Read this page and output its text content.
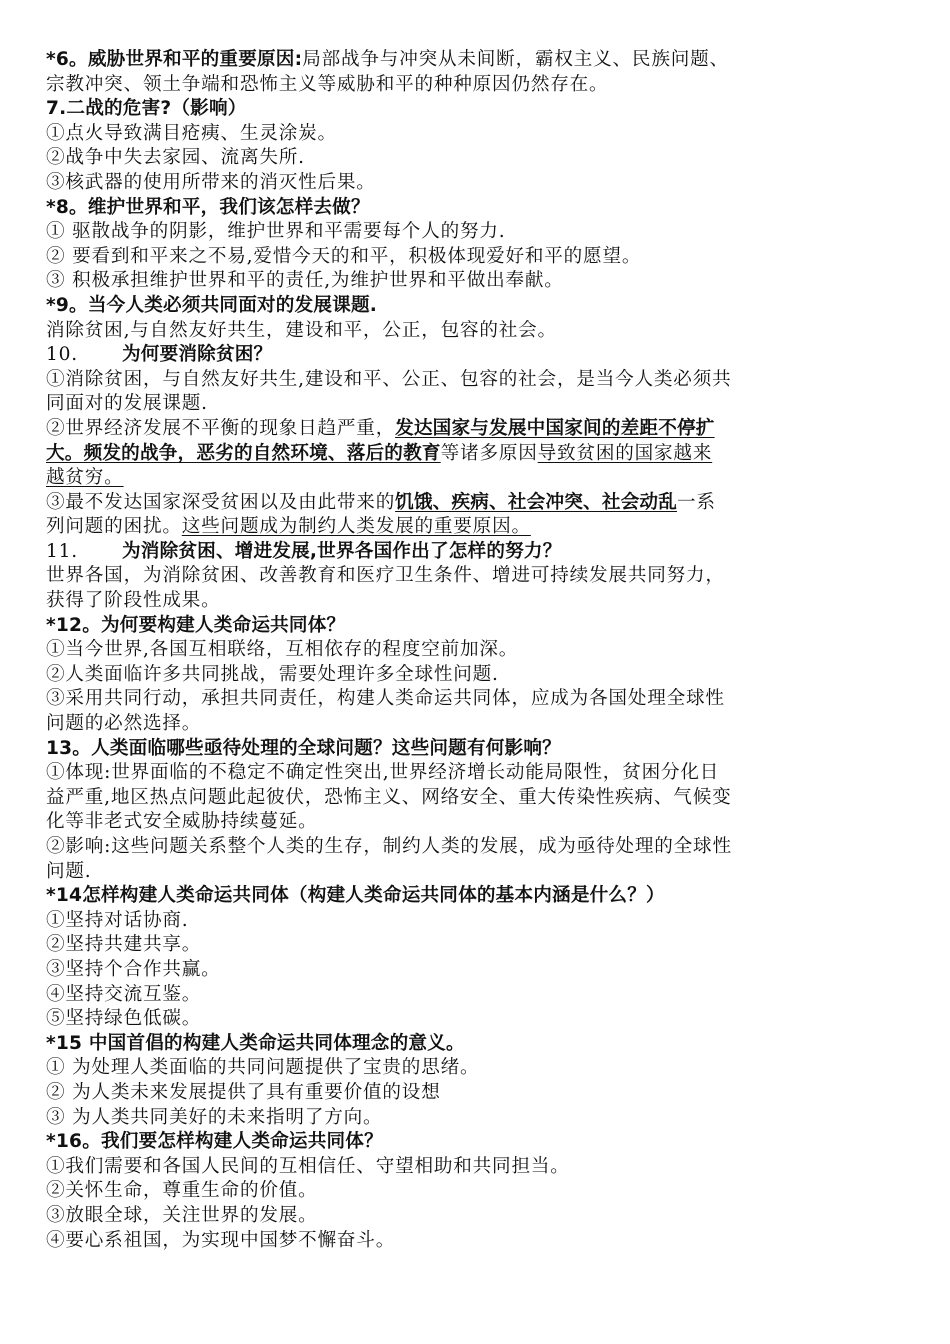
*6。威胁世界和平的重要原因:局部战争与冲突从未间断，霸权主义、民族问题、
宗教冲突、领土争端和恐怖主义等威胁和平的种种原因仍然存在。
7.二战的危害?（影响）
①点火导致满目疮痍、生灵涂炭。
②战争中失去家园、流离失所.
③核武器的使用所带来的消灭性后果。
*8。维护世界和平，我们该怎样去做？
① 驱散战争的阴影，维护世界和平需要每个人的努力.
② 要看到和平来之不易,爱惜今天的和平，积极体现爱好和平的愿望。
③ 积极承担维护世界和平的责任,为维护世界和平做出奉献。
*9。当今人类必须共同面对的发展课题.
消除贫困,与自然友好共生，建设和平，公正，包容的社会。
10. 为何要消除贫困？
①消除贫困，与自然友好共生,建设和平、公正、包容的社会，是当今人类必须共
同面对的发展课题.
②世界经济发展不平衡的现象日趋严重，发达国家与发展中国家间的差距不停扩
大。频发的战争，恶劣的自然环境、落后的教育等诸多原因导致贫困的国家越来
越贫穷。
③最不发达国家深受贫困以及由此带来的饥饿、疾病、社会冲突、社会动乱一系
列问题的困扰。这些问题成为制约人类发展的重要原因。
11. 为消除贫困、增进发展,世界各国作出了怎样的努力？
世界各国，为消除贫困、改善教育和医疗卫生条件、增进可持续发展共同努力，
获得了阶段性成果。
*12。为何要构建人类命运共同体？
①当今世界,各国互相联络，互相依存的程度空前加深。
②人类面临许多共同挑战，需要处理许多全球性问题.
③采用共同行动，承担共同责任，构建人类命运共同体，应成为各国处理全球性
问题的必然选择。
13。人类面临哪些亟待处理的全球问题？这些问题有何影响？
①体现:世界面临的不稳定不确定性突出,世界经济增长动能局限性，贫困分化日
益严重,地区热点问题此起彼伏，恐怖主义、网络安全、重大传染性疾病、气候变
化等非老式安全威胁持续蔓延。
②影响:这些问题关系整个人类的生存，制约人类的发展，成为亟待处理的全球性
问题.
*14怎样构建人类命运共同体（构建人类命运共同体的基本内涵是什么？）
①坚持对话协商.
②坚持共建共享。
③坚持个合作共赢。
④坚持交流互鉴。
⑤坚持绿色低碳。
*15 中国首倡的构建人类命运共同体理念的意义。
① 为处理人类面临的共同问题提供了宝贵的思绪。
② 为人类未来发展提供了具有重要价值的设想
③ 为人类共同美好的未来指明了方向。
*16。我们要怎样构建人类命运共同体？
①我们需要和各国人民间的互相信任、守望相助和共同担当。
②关怀生命，尊重生命的价值。
③放眼全球，关注世界的发展。
④要心系祖国，为实现中国梦不懈奋斗。
